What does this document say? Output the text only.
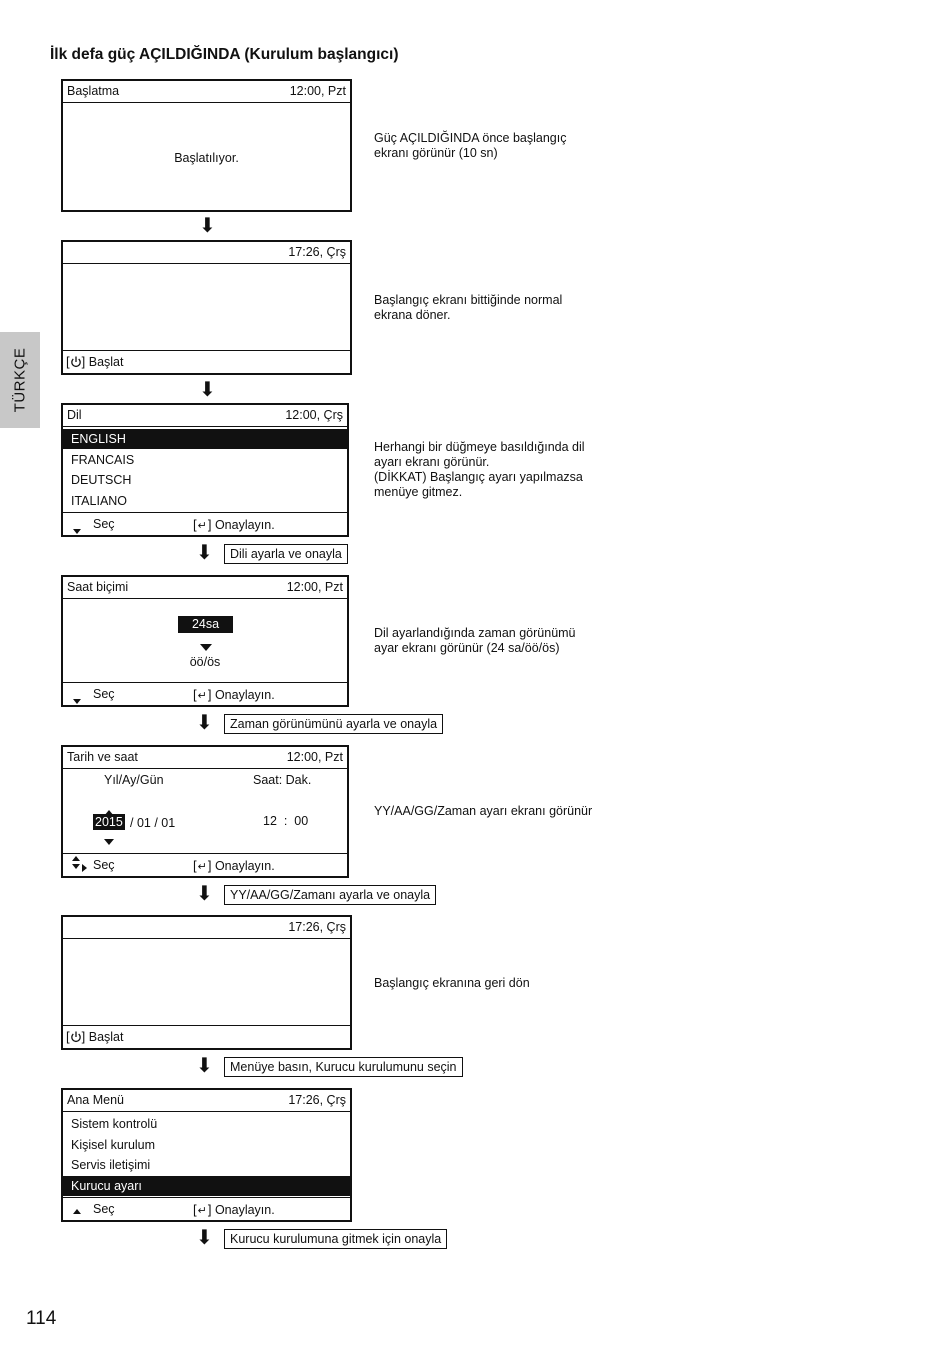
İlk defa güç AÇILDIĞINDA (Kurulum başlangıcı)
TÜRKÇE
114
Başlatma	12:00, Pzt
Başlatılıyor.
Güç AÇILDIĞINDA önce başlangıç
ekranı görünür (10 sn)
⬇
17:26, Çrş
[ ] Başlat
Başlangıç ekranı bittiğinde normal
ekrana döner.
⬇
Dil	12:00, Çrş
ENGLISH
FRANCAIS
DEUTSCH
ITALIANO
Seç	[↵] Onaylayın.
Herhangi bir düğmeye basıldığında dil
ayarı ekranı görünür.
(DİKKAT) Başlangıç ayarı yapılmazsa
menüye gitmez.
⬇	Dili ayarla ve onayla
Saat biçimi	12:00, Pzt
24sa
öö/ös
Seç	[↵] Onaylayın.
Dil ayarlandığında zaman görünümü
ayar ekranı görünür (24 sa/öö/ös)
⬇	Zaman görünümünü ayarla ve onayla
Tarih ve saat	12:00, Pzt
Yıl/Ay/Gün	Saat: Dak.
2015 / 01 / 01	12 : 00
Seç	[↵] Onaylayın.
YY/AA/GG/Zaman ayarı ekranı görünür
⬇	YY/AA/GG/Zamanı ayarla ve onayla
17:26, Çrş
[ ] Başlat
Başlangıç ekranına geri dön
⬇	Menüye basın, Kurucu kurulumunu seçin
Ana Menü	17:26, Çrş
Sistem kontrolü
Kişisel kurulum
Servis iletişimi
Kurucu ayarı
Seç	[↵] Onaylayın.
⬇	Kurucu kurulumuna gitmek için onayla
